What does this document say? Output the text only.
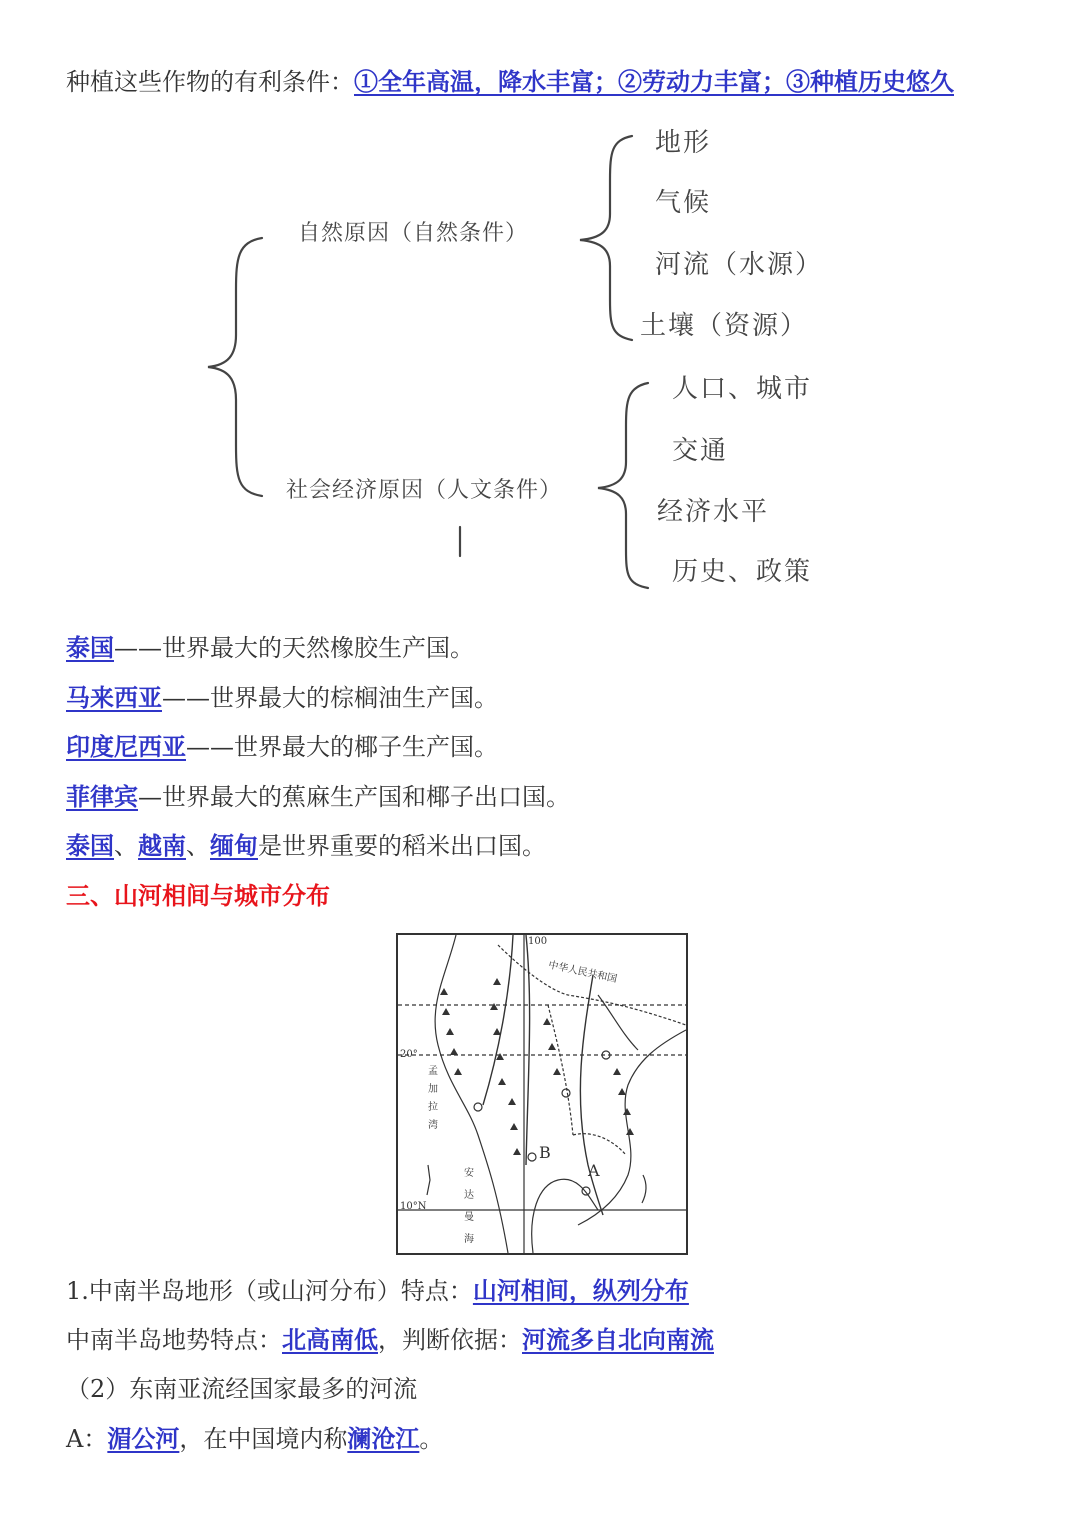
种植这些作物的有利条件：①全年高温，降水丰富；②劳动力丰富；③种植历史悠久
自然原因（自然条件）
地形
气候
河流（水源）
土壤（资源）
社会经济原因（人文条件）
人口、城市
交通
经济水平
历史、政策
泰国——世界最大的天然橡胶生产国。
马来西亚——世界最大的棕榈油生产国。
印度尼西亚——世界最大的椰子生产国。
菲律宾—世界最大的蕉麻生产国和椰子出口国。
泰国、越南、缅甸是世界重要的稻米出口国。
三、山河相间与城市分布
100
20°
10°N
中华人民共和国
孟加拉湾
安达曼海
B
A
1.中南半岛地形（或山河分布）特点：山河相间，纵列分布
中南半岛地势特点：北高南低，判断依据：河流多自北向南流
（2）东南亚流经国家最多的河流
A：湄公河，在中国境内称澜沧江。
